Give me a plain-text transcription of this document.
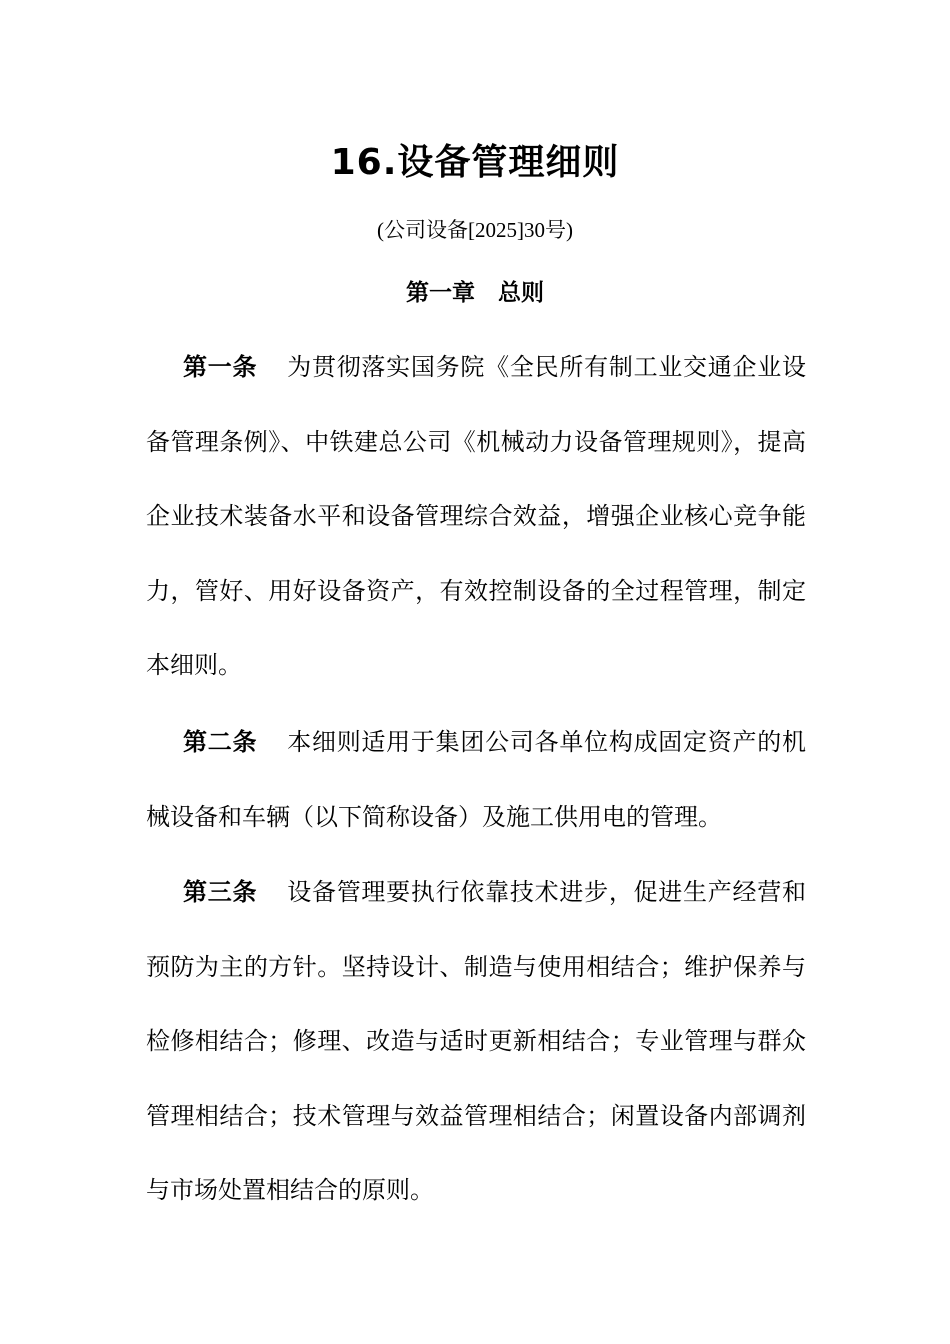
16.设备管理细则
(公司设备[2025]30号)
第一章　总则

第一条 为贯彻落实国务院《全民所有制工业交通企业设备管理条例》、中铁建总公司《机械动力设备管理规则》，提高企业技术装备水平和设备管理综合效益，增强企业核心竞争能力，管好、用好设备资产，有效控制设备的全过程管理，制定本细则。

第二条 本细则适用于集团公司各单位构成固定资产的机械设备和车辆（以下简称设备）及施工供用电的管理。

第三条 设备管理要执行依靠技术进步，促进生产经营和预防为主的方针。坚持设计、制造与使用相结合；维护保养与检修相结合；修理、改造与适时更新相结合；专业管理与群众管理相结合；技术管理与效益管理相结合；闲置设备内部调剂与市场处置相结合的原则。
